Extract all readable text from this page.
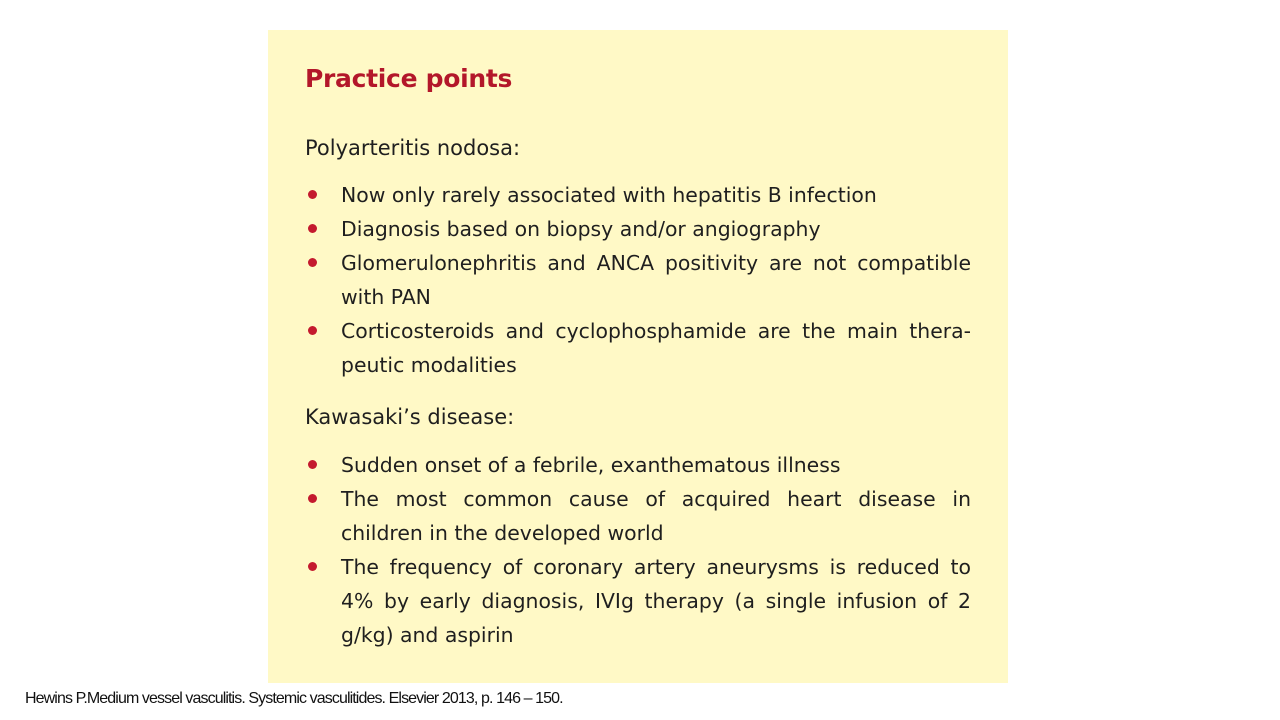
Practice points
Polyarteritis nodosa:
Now only rarely associated with hepatitis B infection
Diagnosis based on biopsy and/or angiography
Glomerulonephritis and ANCA positivity are not compatible with PAN
Corticosteroids and cyclophosphamide are the main therapeutic modalities
Kawasaki’s disease:
Sudden onset of a febrile, exanthematous illness
The most common cause of acquired heart disease in children in the developed world
The frequency of coronary artery aneurysms is reduced to 4% by early diagnosis, IVIg therapy (a single infusion of 2 g/kg) and aspirin
Hewins P.Medium vessel vasculitis. Systemic vasculitides. Elsevier 2013, p. 146 – 150.
